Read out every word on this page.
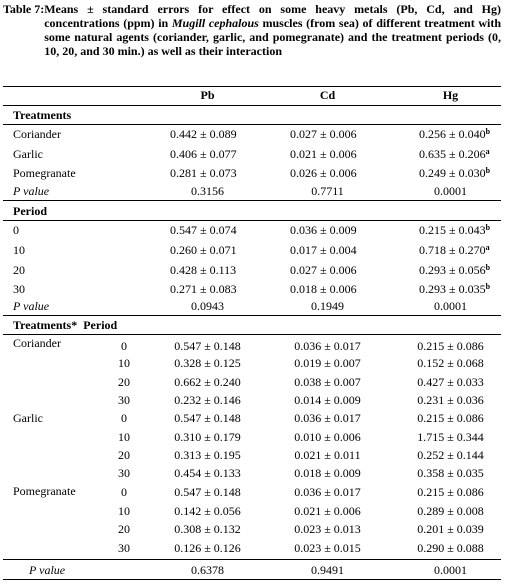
Table 7: Means ± standard errors for effect on some heavy metals (Pb, Cd, and Hg) concentrations (ppm) in Mugill cephalous muscles (from sea) of different treatment with some natural agents (coriander, garlic, and pomegranate) and the treatment periods (0, 10, 20, and 30 min.) as well as their interaction
Pb	Cd	Hg
Treatments
Coriander	0.442 ± 0.089	0.027 ± 0.006	0.256 ± 0.040$^b$
Garlic	0.406 ± 0.077	0.021 ± 0.006	0.635 ± 0.206$^a$
Pomegranate	0.281 ± 0.073	0.026 ± 0.006	0.249 ± 0.030$^b$
P value	0.3156	0.7711	0.0001
Period
0	0.547 ± 0.074	0.036 ± 0.009	0.215 ± 0.043$^b$
10	0.260 ± 0.071	0.017 ± 0.004	0.718 ± 0.270$^a$
20	0.428 ± 0.113	0.027 ± 0.006	0.293 ± 0.056$^b$
30	0.271 ± 0.083	0.018 ± 0.006	0.293 ± 0.035$^b$
P value	0.0943	0.1949	0.0001
Treatments*  Period
Coriander	0	0.547 ± 0.148	0.036 ± 0.017	0.215 ± 0.086
10	0.328 ± 0.125	0.019 ± 0.007	0.152 ± 0.068
20	0.662 ± 0.240	0.038 ± 0.007	0.427 ± 0.033
30	0.232 ± 0.146	0.014 ± 0.009	0.231 ± 0.036
Garlic	0	0.547 ± 0.148	0.036 ± 0.017	0.215 ± 0.086
10	0.310 ± 0.179	0.010 ± 0.006	1.715 ± 0.344
20	0.313 ± 0.195	0.021 ± 0.011	0.252 ± 0.144
30	0.454 ± 0.133	0.018 ± 0.009	0.358 ± 0.035
Pomegranate	0	0.547 ± 0.148	0.036 ± 0.017	0.215 ± 0.086
10	0.142 ± 0.056	0.021 ± 0.006	0.289 ± 0.008
20	0.308 ± 0.132	0.023 ± 0.013	0.201 ± 0.039
30	0.126 ± 0.126	0.023 ± 0.015	0.290 ± 0.088
P value	0.6378	0.9491	0.0001
